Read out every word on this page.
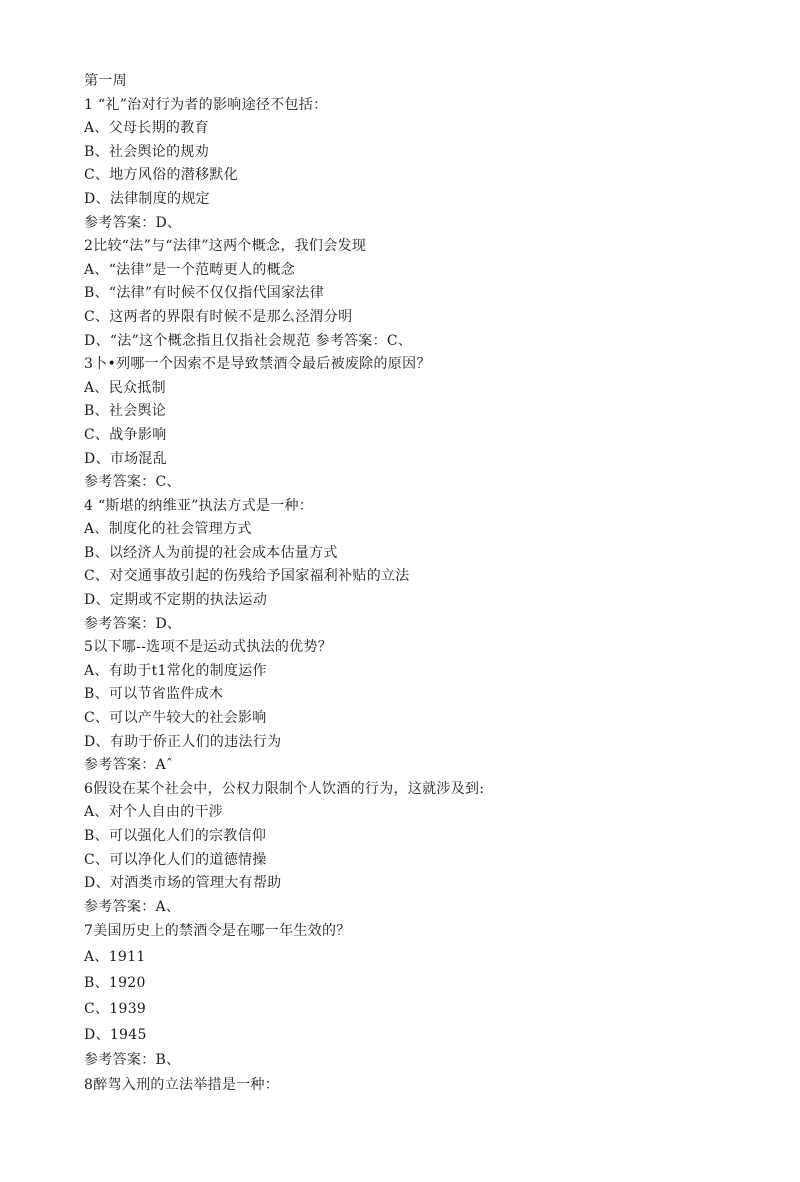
第一周
1 “礼”治对行为者的影响途径不包括：
A、父母长期的教育
B、社会舆论的规劝
C、地方风俗的潜移默化
D、法律制度的规定
参考答案：D、
2比较“法”与“法律”这两个概念，我们会发现
A、“法律”是一个范畴更人的概念
B、“法律”有时候不仅仅指代国家法律
C、这两者的界限有时候不是那么泾渭分明
D、“法”这个概念指且仅指社会规范 参考答案：C、
3卜•列哪一个因索不是导致禁酒令最后被废除的原因？
A、民众抵制
B、社会舆论
C、战争影响
D、市场混乱
参考答案：C、
4 “斯堪的纳维亚”执法方式是一种：
A、制度化的社会管理方式
B、以经济人为前提的社会成本估量方式
C、对交通事故引起的伤残给予国家福利补贴的立法
D、定期或不定期的执法运动
参考答案：D、
5以下哪--选项不是运动式执法的优势？
A、有助于t1常化的制度运作
B、可以节省监件成木
C、可以产牛较大的社会影响
D、有助于侨正人们的违法行为
参考答案：Aˆ
6假设在某个社会中，公权力限制个人饮酒的行为，这就涉及到:
A、对个人自由的干涉
B、可以强化人们的宗教信仰
C、可以净化人们的道德情操
D、对酒类市场的管理大有帮助
参考答案：A、
7美国历史上的禁酒令是在哪一年生效的？
A、1911
B、1920
C、1939
D、1945
参考答案：B、
8醉驾入刑的立法举措是一种：
